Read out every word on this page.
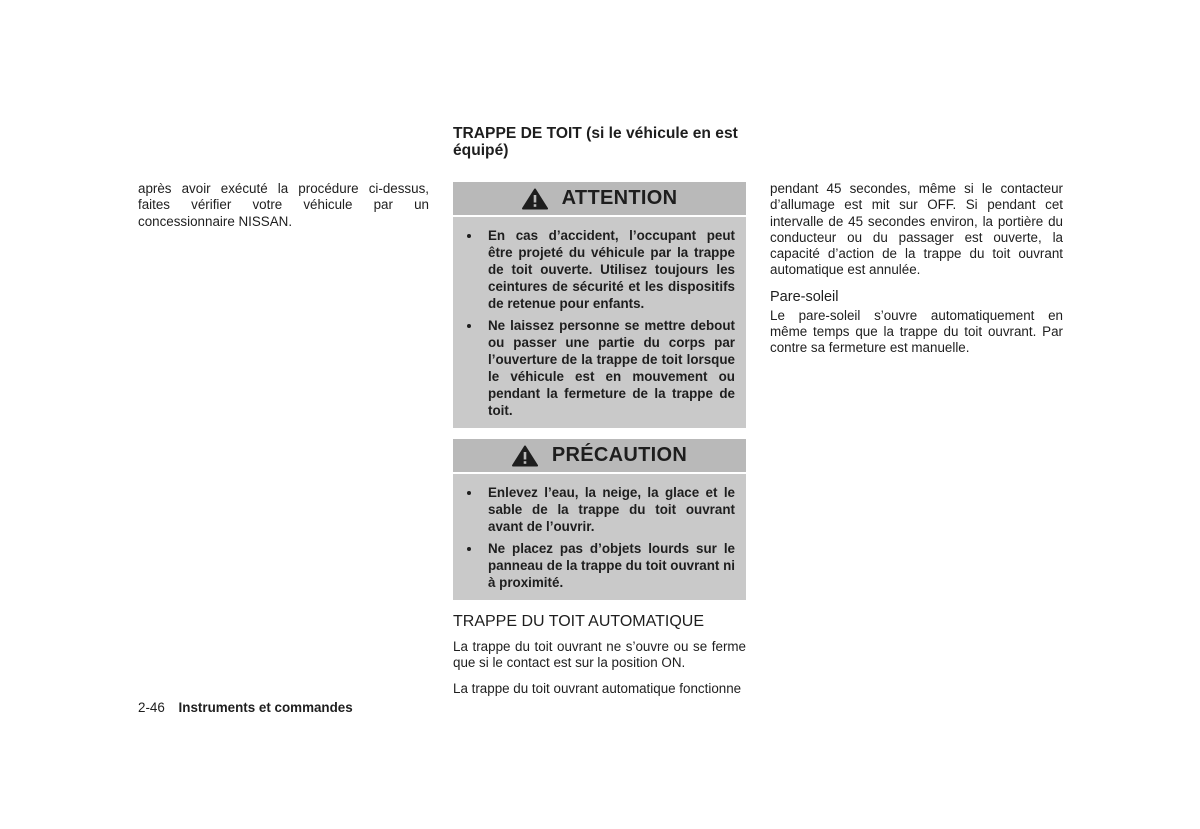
après avoir exécuté la procédure ci-dessus, faites vérifier votre véhicule par un concessionnaire NISSAN.

TRAPPE DE TOIT (si le véhicule en est équipé)
ATTENTION
En cas d’accident, l’occupant peut être projeté du véhicule par la trappe de toit ouverte. Utilisez toujours les ceintures de sécurité et les dispositifs de retenue pour enfants.
Ne laissez personne se mettre debout ou passer une partie du corps par l’ouverture de la trappe de toit lorsque le véhicule est en mouvement ou pendant la fermeture de la trappe de toit.
PRÉCAUTION
Enlevez l’eau, la neige, la glace et le sable de la trappe du toit ouvrant avant de l’ouvrir.
Ne placez pas d’objets lourds sur le panneau de la trappe du toit ouvrant ni à proximité.
TRAPPE DU TOIT AUTOMATIQUE

La trappe du toit ouvrant ne s’ouvre ou se ferme que si le contact est sur la position ON.

La trappe du toit ouvrant automatique fonctionne

pendant 45 secondes, même si le contacteur d’allumage est mit sur OFF. Si pendant cet intervalle de 45 secondes environ, la portière du conducteur ou du passager est ouverte, la capacité d’action de la trappe du toit ouvrant automatique est annulée.

Pare-soleil

Le pare-soleil s’ouvre automatiquement en même temps que la trappe du toit ouvrant. Par contre sa fermeture est manuelle.

2-46 Instruments et commandes
